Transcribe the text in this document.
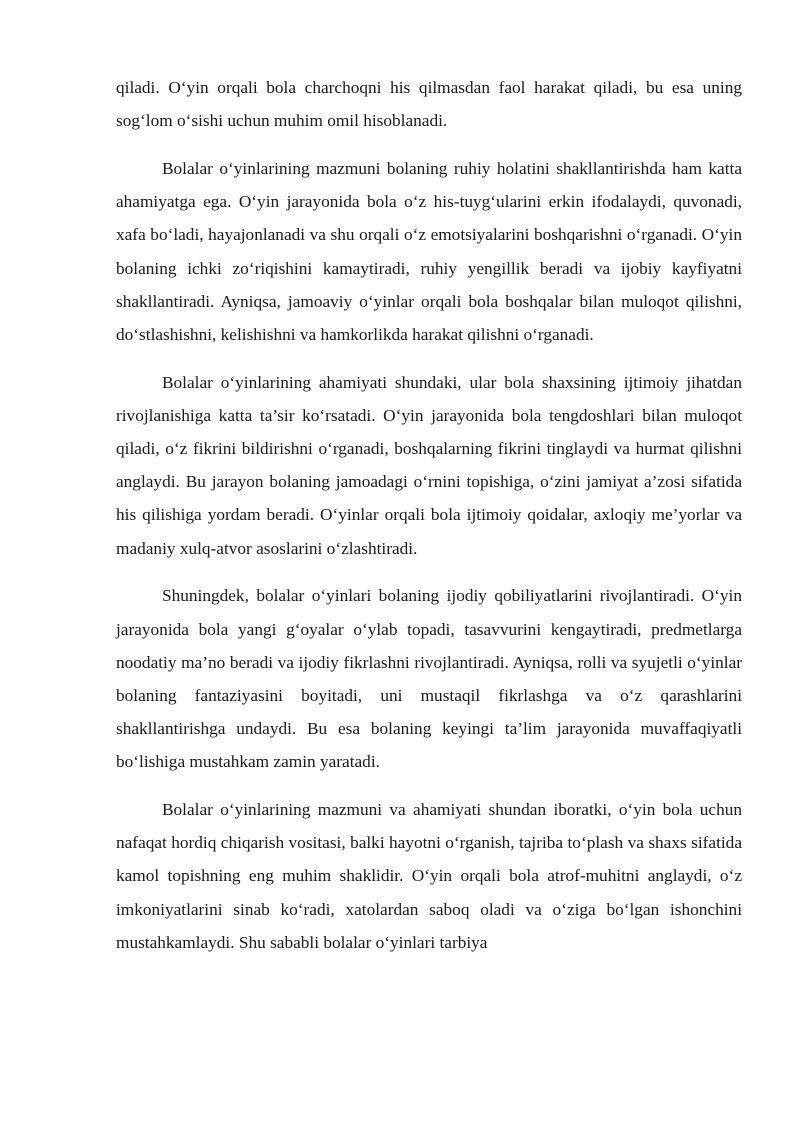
qiladi. O‘yin orqali bola charchoqni his qilmasdan faol harakat qiladi, bu esa uning sog‘lom o‘sishi uchun muhim omil hisoblanadi.

Bolalar o‘yinlarining mazmuni bolaning ruhiy holatini shakllantirishda ham katta ahamiyatga ega. O‘yin jarayonida bola o‘z his-tuyg‘ularini erkin ifodalaydi, quvonadi, xafa bo‘ladi, hayajonlanadi va shu orqali o‘z emotsiyalarini boshqarishni o‘rganadi. O‘yin bolaning ichki zo‘riqishini kamaytiradi, ruhiy yengillik beradi va ijobiy kayfiyatni shakllantiradi. Ayniqsa, jamoaviy o‘yinlar orqali bola boshqalar bilan muloqot qilishni, do‘stlashishni, kelishishni va hamkorlikda harakat qilishni o‘rganadi.

Bolalar o‘yinlarining ahamiyati shundaki, ular bola shaxsining ijtimoiy jihatdan rivojlanishiga katta ta’sir ko‘rsatadi. O‘yin jarayonida bola tengdoshlari bilan muloqot qiladi, o‘z fikrini bildirishni o‘rganadi, boshqalarning fikrini tinglaydi va hurmat qilishni anglaydi. Bu jarayon bolaning jamoadagi o‘rnini topishiga, o‘zini jamiyat a’zosi sifatida his qilishiga yordam beradi. O‘yinlar orqali bola ijtimoiy qoidalar, axloqiy me’yorlar va madaniy xulq-atvor asoslarini o‘zlashtiradi.

Shuningdek, bolalar o‘yinlari bolaning ijodiy qobiliyatlarini rivojlantiradi. O‘yin jarayonida bola yangi g‘oyalar o‘ylab topadi, tasavvurini kengaytiradi, predmetlarga noodatiy ma’no beradi va ijodiy fikrlashni rivojlantiradi. Ayniqsa, rolli va syujetli o‘yinlar bolaning fantaziyasini boyitadi, uni mustaqil fikrlashga va o‘z qarashlarini shakllantirishga undaydi. Bu esa bolaning keyingi ta’lim jarayonida muvaffaqiyatli bo‘lishiga mustahkam zamin yaratadi.

Bolalar o‘yinlarining mazmuni va ahamiyati shundan iboratki, o‘yin bola uchun nafaqat hordiq chiqarish vositasi, balki hayotni o‘rganish, tajriba to‘plash va shaxs sifatida kamol topishning eng muhim shaklidir. O‘yin orqali bola atrof-muhitni anglaydi, o‘z imkoniyatlarini sinab ko‘radi, xatolardan saboq oladi va o‘ziga bo‘lgan ishonchini mustahkamlaydi. Shu sababli bolalar o‘yinlari tarbiya
